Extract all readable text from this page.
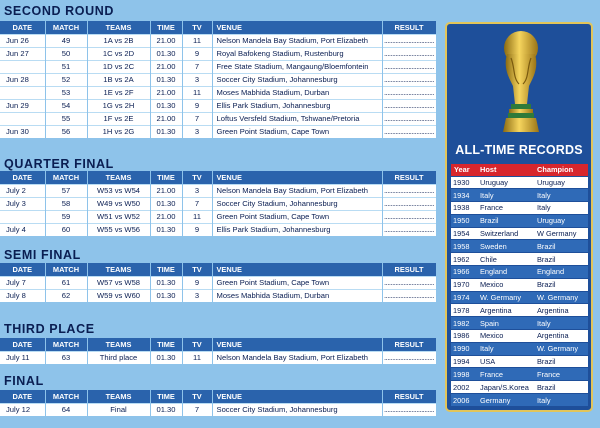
SECOND ROUND
DATE	MATCH	TEAMS	TIME	TV	VENUE	RESULT
Jun 26	49	1A vs 2B	21.00	11	Nelson Mandela Bay Stadium, Port Elizabeth	...............................
Jun 27	50	1C vs 2D	01.30	9	Royal Bafokeng Stadium, Rustenburg	...............................
	51	1D vs 2C	21.00	7	Free State Stadium, Mangaung/Bloemfontein	...............................
Jun 28	52	1B vs 2A	01.30	3	Soccer City Stadium, Johannesburg	...............................
	53	1E vs 2F	21.00	11	Moses Mabhida Stadium, Durban	...............................
Jun 29	54	1G vs 2H	01.30	9	Ellis Park Stadium, Johannesburg	...............................
	55	1F vs 2E	21.00	7	Loftus Versfeld Stadium, Tshwane/Pretoria	...............................
Jun 30	56	1H vs 2G	01.30	3	Green Point Stadium, Cape Town	...............................
QUARTER FINAL
DATE	MATCH	TEAMS	TIME	TV	VENUE	RESULT
July 2	57	W53 vs W54	21.00	3	Nelson Mandela Bay Stadium, Port Elizabeth	...............................
July 3	58	W49 vs W50	01.30	7	Soccer City Stadium, Johannesburg	...............................
	59	W51 vs W52	21.00	11	Green Point Stadium, Cape Town	...............................
July 4	60	W55 vs W56	01.30	9	Ellis Park Stadium, Johannesburg	...............................
SEMI FINAL
DATE	MATCH	TEAMS	TIME	TV	VENUE	RESULT
July 7	61	W57 vs W58	01.30	9	Green Point Stadium, Cape Town	...............................
July 8	62	W59 vs W60	01.30	3	Moses Mabhida Stadium, Durban	...............................
THIRD PLACE
DATE	MATCH	TEAMS	TIME	TV	VENUE	RESULT
July 11	63	Third place	01.30	11	Nelson Mandela Bay Stadium, Port Elizabeth	...............................
FINAL
DATE	MATCH	TEAMS	TIME	TV	VENUE	RESULT
July 12	64	Final	01.30	7	Soccer City Stadium, Johannesburg	...............................
ALL-TIME RECORDS
Year	Host	Champion
1930	Uruguay	Uruguay
1934	Italy	Italy
1938	France	Italy
1950	Brazil	Uruguay
1954	Switzerland	W Germany
1958	Sweden	Brazil
1962	Chile	Brazil
1966	England	England
1970	Mexico	Brazil
1974	W. Germany	W. Germany
1978	Argentina	Argentina
1982	Spain	Italy
1986	Mexico	Argentina
1990	Italy	W. Germany
1994	USA	Brazil
1998	France	France
2002	Japan/S.Korea	Brazil
2006	Germany	Italy
